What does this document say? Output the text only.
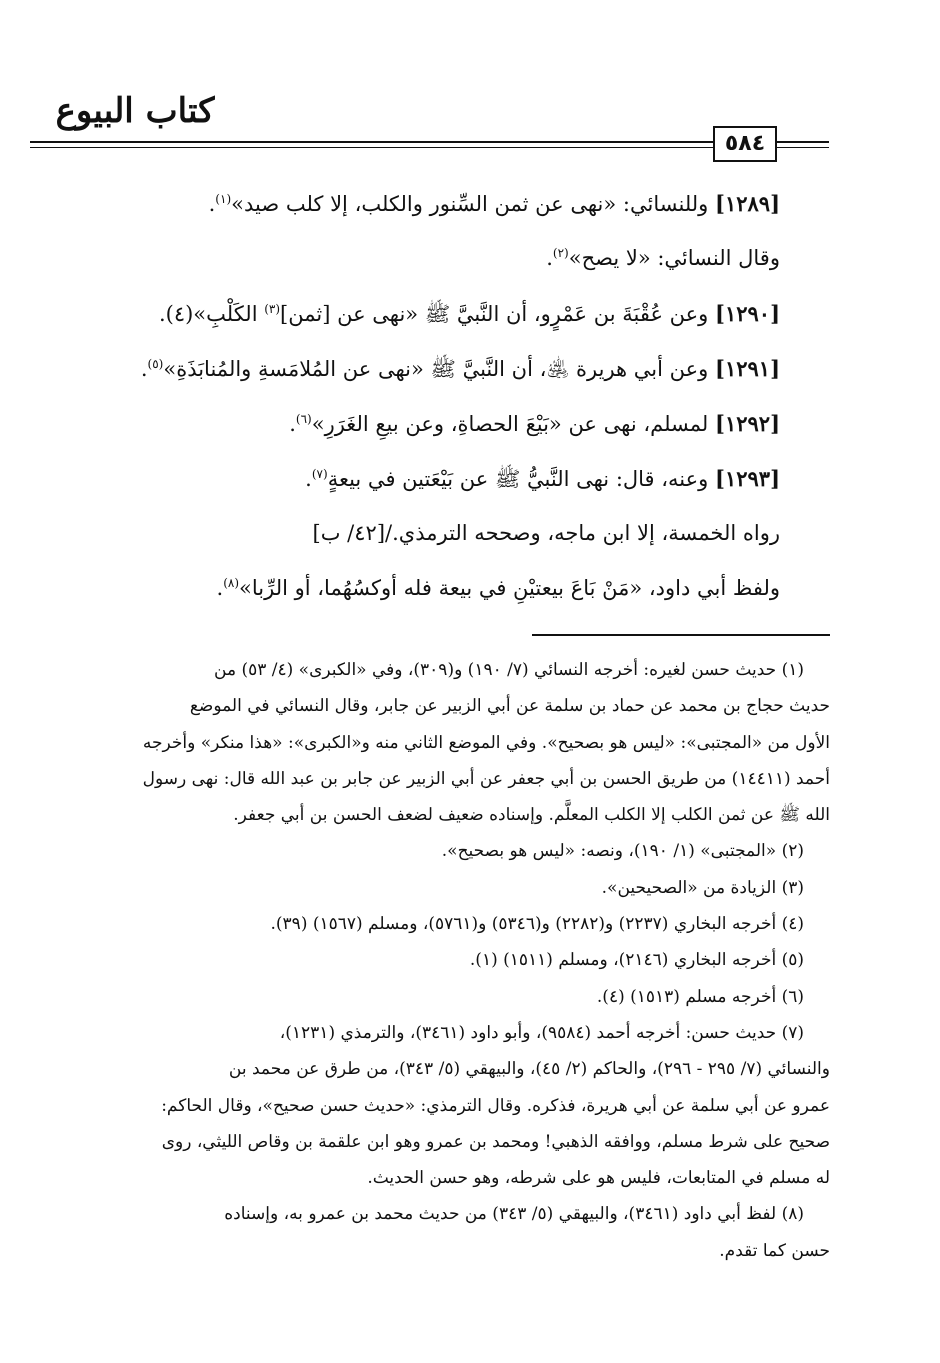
كتاب البيوع
٥٨٤

[١٢٨٩] وللنسائي: «نهى عن ثمن السِّنور والكلب، إلا كلب صيد»$^{(١)}$.

وقال النسائي: «لا يصح»$^{(٢)}$.

[١٢٩٠] وعن عُقْبَةَ بن عَمْرٍو، أن النَّبيَّ ﷺ «نهى عن [ثمن]$^{(٣)}$ الكَلْبِ»(٤).

[١٢٩١] وعن أبي هريرة ﵁، أن النَّبيَّ ﷺ «نهى عن المُلامَسةِ والمُنابَذَةِ»$^{(٥)}$.

[١٢٩٢] لمسلم، نهى عن «بَيْعَ الحصاةِ، وعن بيعِ الغَرَرِ»$^{(٦)}$.

[١٢٩٣] وعنه، قال: نهى النَّبيُّ ﷺ عن بَيْعَتين في بيعةٍ$^{(٧)}$.

رواه الخمسة، إلا ابن ماجه، وصححه الترمذي./[٤٢/ ب]

ولفظ أبي داود، «مَنْ بَاعَ بيعتيْنِ في بيعة فله أوكسُهُما، أو الرِّبا»$^{(٨)}$.

(١) حديث حسن لغيره: أخرجه النسائي (٧/ ١٩٠) و(٣٠٩)، وفي «الكبرى» (٤/ ٥٣) من

حديث حجاج بن محمد عن حماد بن سلمة عن أبي الزبير عن جابر، وقال النسائي في الموضع

الأول من «المجتبى»: «ليس هو بصحيح». وفي الموضع الثاني منه و«الكبرى»: «هذا منكر» وأخرجه

أحمد (١٤٤١١) من طريق الحسن بن أبي جعفر عن أبي الزبير عن جابر بن عبد الله قال: نهى رسول

الله ﷺ عن ثمن الكلب إلا الكلب المعلَّم. وإسناده ضعيف لضعف الحسن بن أبي جعفر.

(٢) «المجتبى» (١/ ١٩٠)، ونصه: «ليس هو بصحيح».

(٣) الزيادة من «الصحيحين».

(٤) أخرجه البخاري (٢٢٣٧) و(٢٢٨٢) و(٥٣٤٦) و(٥٧٦١)، ومسلم (١٥٦٧) (٣٩).

(٥) أخرجه البخاري (٢١٤٦)، ومسلم (١٥١١) (١).

(٦) أخرجه مسلم (١٥١٣) (٤).

(٧) حديث حسن: أخرجه أحمد (٩٥٨٤)، وأبو داود (٣٤٦١)، والترمذي (١٢٣١)،

والنسائي (٧/ ٢٩٥ - ٢٩٦)، والحاكم (٢/ ٤٥)، والبيهقي (٥/ ٣٤٣)، من طرق عن محمد بن

عمرو عن أبي سلمة عن أبي هريرة، فذكره. وقال الترمذي: «حديث حسن صحيح»، وقال الحاكم:

صحيح على شرط مسلم، ووافقه الذهبي! ومحمد بن عمرو وهو ابن علقمة بن وقاص الليثي، روى

له مسلم في المتابعات، فليس هو على شرطه، وهو حسن الحديث.

(٨) لفظ أبي داود (٣٤٦١)، والبيهقي (٥/ ٣٤٣) من حديث محمد بن عمرو به، وإسناده

حسن كما تقدم.
